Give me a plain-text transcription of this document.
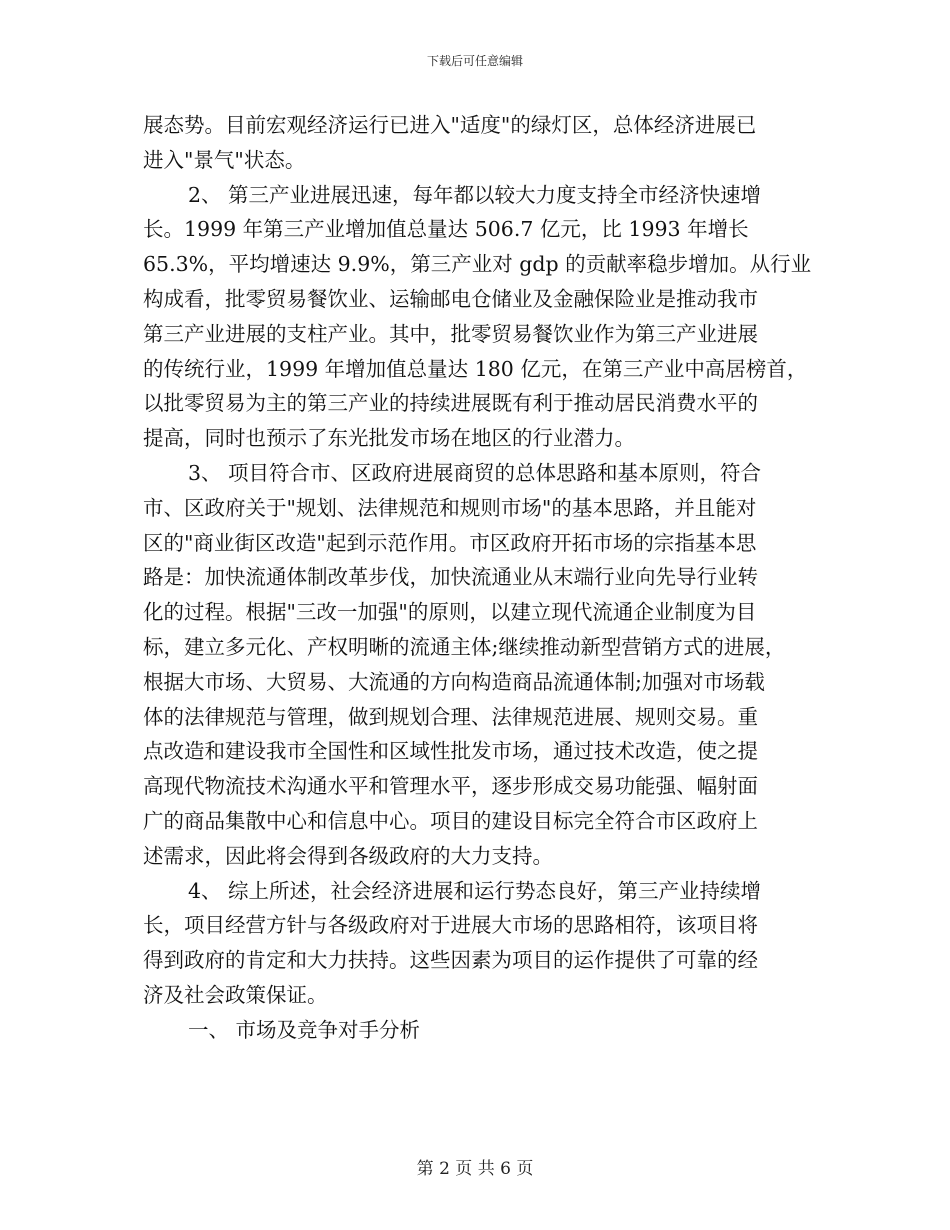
下载后可任意编辑

展态势。目前宏观经济运行已进入"适度"的绿灯区，总体经济进展已

进入"景气"状态。

2、 第三产业进展迅速，每年都以较大力度支持全市经济快速增

长。1999 年第三产业增加值总量达 506.7 亿元，比 1993 年增长

65.3%，平均增速达 9.9%，第三产业对 gdp 的贡献率稳步增加。从行业

构成看，批零贸易餐饮业、运输邮电仓储业及金融保险业是推动我市

第三产业进展的支柱产业。其中，批零贸易餐饮业作为第三产业进展

的传统行业，1999 年增加值总量达 180 亿元，在第三产业中高居榜首，

以批零贸易为主的第三产业的持续进展既有利于推动居民消费水平的

提高，同时也预示了东光批发市场在地区的行业潜力。

3、 项目符合市、区政府进展商贸的总体思路和基本原则，符合

市、区政府关于"规划、法律规范和规则市场"的基本思路，并且能对

区的"商业街区改造"起到示范作用。市区政府开拓市场的宗指基本思

路是：加快流通体制改革步伐，加快流通业从末端行业向先导行业转

化的过程。根据"三改一加强"的原则，以建立现代流通企业制度为目

标，建立多元化、产权明晰的流通主体;继续推动新型营销方式的进展，

根据大市场、大贸易、大流通的方向构造商品流通体制;加强对市场载

体的法律规范与管理，做到规划合理、法律规范进展、规则交易。重

点改造和建设我市全国性和区域性批发市场，通过技术改造，使之提

高现代物流技术沟通水平和管理水平，逐步形成交易功能强、幅射面

广的商品集散中心和信息中心。项目的建设目标完全符合市区政府上

述需求，因此将会得到各级政府的大力支持。

4、 综上所述，社会经济进展和运行势态良好，第三产业持续增

长，项目经营方针与各级政府对于进展大市场的思路相符，该项目将

得到政府的肯定和大力扶持。这些因素为项目的运作提供了可靠的经

济及社会政策保证。

一、 市场及竞争对手分析

第 2 页 共 6 页
